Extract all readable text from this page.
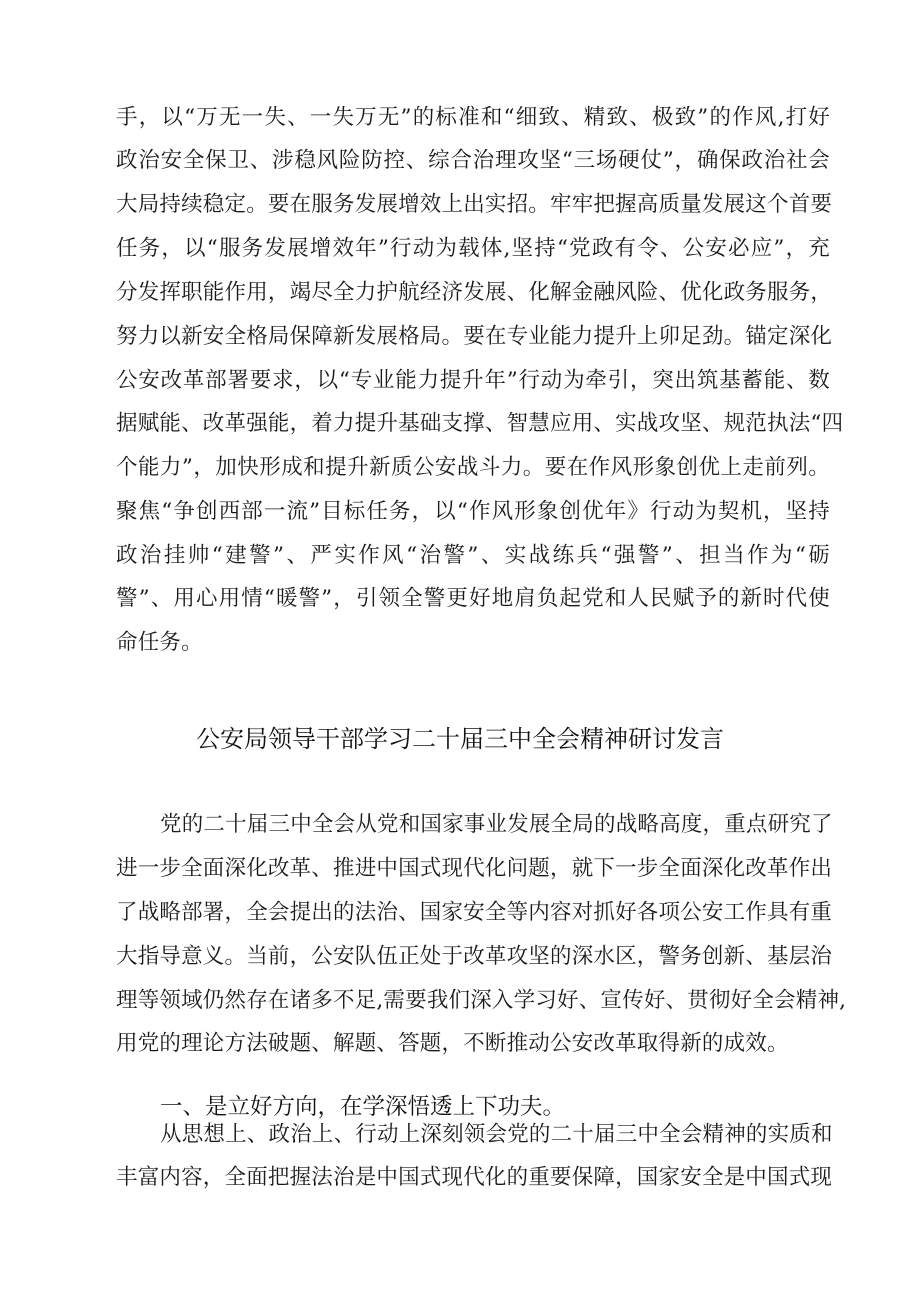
手，以“万无一失、一失万无”的标准和“细致、精致、极致”的作风,打好
政治安全保卫、涉稳风险防控、综合治理攻坚“三场硬仗”，确保政治社会
大局持续稳定。要在服务发展增效上出实招。牢牢把握高质量发展这个首要
任务，以“服务发展增效年”行动为载体,坚持“党政有令、公安必应”，充
分发挥职能作用，竭尽全力护航经济发展、化解金融风险、优化政务服务，
努力以新安全格局保障新发展格局。要在专业能力提升上卯足劲。锚定深化
公安改革部署要求，以“专业能力提升年”行动为牵引，突出筑基蓄能、数
据赋能、改革强能，着力提升基础支撑、智慧应用、实战攻坚、规范执法“四
个能力”，加快形成和提升新质公安战斗力。要在作风形象创优上走前列。
聚焦“争创西部一流”目标任务，以“作风形象创优年》行动为契机，坚持
政治挂帅“建警”、严实作风“治警”、实战练兵“强警”、担当作为“砺
警”、用心用情“暖警”，引领全警更好地肩负起党和人民赋予的新时代使
命任务。
公安局领导干部学习二十届三中全会精神研讨发言
党的二十届三中全会从党和国家事业发展全局的战略高度，重点研究了
进一步全面深化改革、推进中国式现代化问题，就下一步全面深化改革作出
了战略部署，全会提出的法治、国家安全等内容对抓好各项公安工作具有重
大指导意义。当前，公安队伍正处于改革攻坚的深水区，警务创新、基层治
理等领域仍然存在诸多不足,需要我们深入学习好、宣传好、贯彻好全会精神,
用党的理论方法破题、解题、答题，不断推动公安改革取得新的成效。
一、是立好方向，在学深悟透上下功夫。
从思想上、政治上、行动上深刻领会党的二十届三中全会精神的实质和
丰富内容，全面把握法治是中国式现代化的重要保障，国家安全是中国式现
